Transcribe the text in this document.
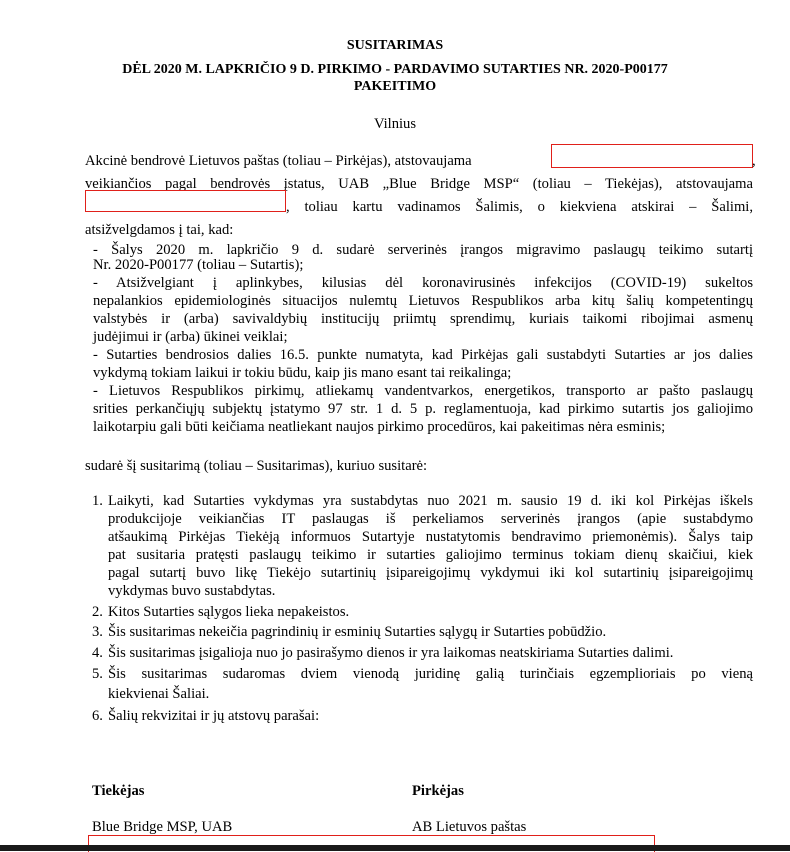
SUSITARIMAS
DĖL 2020 M. LAPKRIČIO 9 D. PIRKIMO - PARDAVIMO SUTARTIES NR. 2020-P00177
PAKEITIMO
Vilnius
Akcinė bendrovė Lietuvos paštas (toliau – Pirkėjas), atstovaujama	,
veikiančios pagal bendrovės įstatus, UAB „Blue Bridge MSP“ (toliau – Tiekėjas), atstovaujama
, toliau kartu vadinamos Šalimis, o kiekviena atskirai – Šalimi,
atsižvelgdamos į tai, kad:
- Šalys 2020 m. lapkričio 9 d. sudarė serverinės įrangos migravimo paslaugų teikimo sutartį
Nr. 2020-P00177 (toliau – Sutartis);
- Atsižvelgiant į aplinkybes, kilusias dėl koronavirusinės infekcijos (COVID-19) sukeltos
nepalankios epidemiologinės situacijos nulemtų Lietuvos Respublikos arba kitų šalių kompetentingų
valstybės ir (arba) savivaldybių institucijų priimtų sprendimų, kuriais taikomi ribojimai asmenų
judėjimui ir (arba) ūkinei veiklai;
- Sutarties bendrosios dalies 16.5. punkte numatyta, kad Pirkėjas gali sustabdyti Sutarties ar jos dalies
vykdymą tokiam laikui ir tokiu būdu, kaip jis mano esant tai reikalinga;
- Lietuvos Respublikos pirkimų, atliekamų vandentvarkos, energetikos, transporto ar pašto paslaugų
srities perkančiųjų subjektų įstatymo 97 str. 1 d. 5 p. reglamentuoja, kad pirkimo sutartis jos galiojimo
laikotarpiu gali būti keičiama neatliekant naujos pirkimo procedūros, kai pakeitimas nėra esminis;
sudarė šį susitarimą (toliau – Susitarimas), kuriuo susitarė:
1. Laikyti, kad Sutarties vykdymas yra sustabdytas nuo 2021 m. sausio 19 d. iki kol Pirkėjas iškels
produkcijoje veikiančias IT paslaugas iš perkeliamos serverinės įrangos (apie sustabdymo
atšaukimą Pirkėjas Tiekėją informuos Sutartyje nustatytomis bendravimo priemonėmis). Šalys taip
pat susitaria pratęsti paslaugų teikimo ir sutarties galiojimo terminus tokiam dienų skaičiui, kiek
pagal sutartį buvo likę Tiekėjo sutartinių įsipareigojimų vykdymui iki kol sutartinių įsipareigojimų
vykdymas buvo sustabdytas.
2. Kitos Sutarties sąlygos lieka nepakeistos.
3. Šis susitarimas nekeičia pagrindinių ir esminių Sutarties sąlygų ir Sutarties pobūdžio.
4. Šis susitarimas įsigalioja nuo jo pasirašymo dienos ir yra laikomas neatskiriama Sutarties dalimi.
5. Šis susitarimas sudaromas dviem vienodą juridinę galią turinčiais egzemplioriais po vieną
kiekvienai Šaliai.
6. Šalių rekvizitai ir jų atstovų parašai:
Tiekėjas	Pirkėjas
Blue Bridge MSP, UAB	AB Lietuvos paštas
